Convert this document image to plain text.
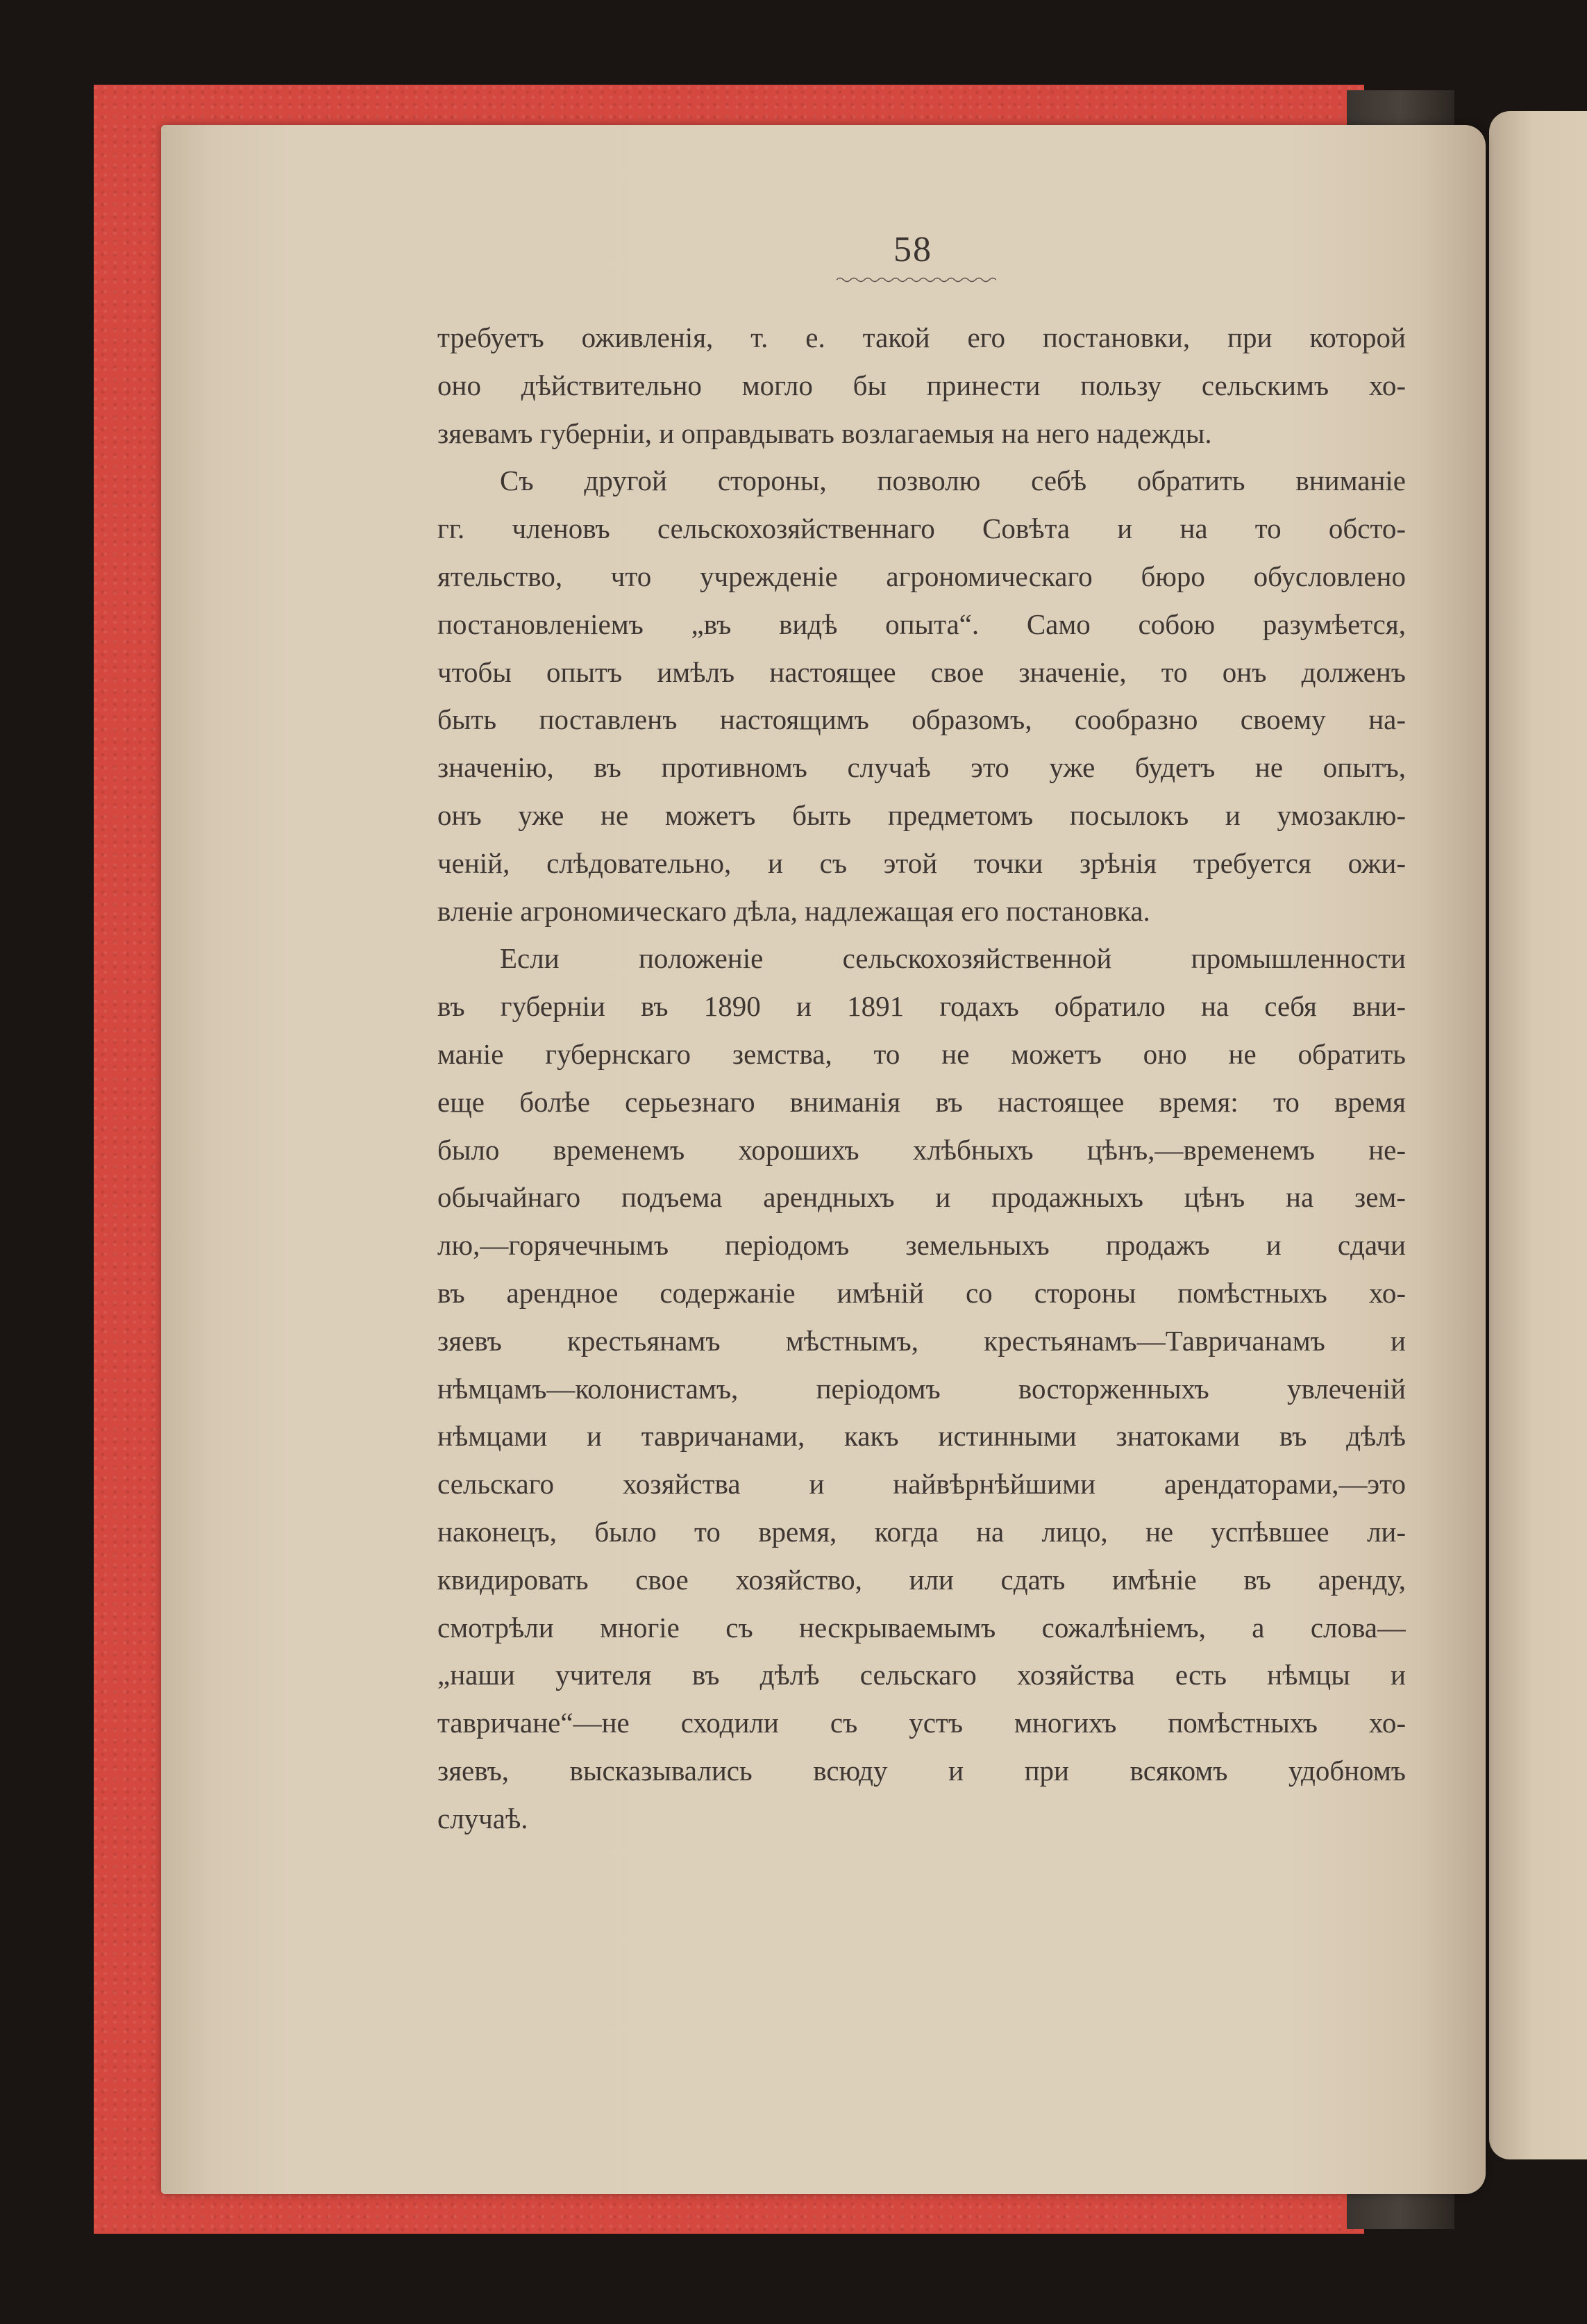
58
требуетъ оживленія, т. е. такой его постановки, при которой
оно дѣйствительно могло бы принести пользу сельскимъ хо-
зяевамъ губерніи, и оправдывать возлагаемыя на него надежды.
Съ другой стороны, позволю себѣ обратить вниманіе
гг. членовъ сельскохозяйственнаго Совѣта и на то обсто-
ятельство, что учрежденіе агрономическаго бюро обусловлено
постановленіемъ „въ видѣ опыта“. Само собою разумѣется,
чтобы опытъ имѣлъ настоящее свое значеніе, то онъ долженъ
быть поставленъ настоящимъ образомъ, сообразно своему на-
значенію, въ противномъ случаѣ это уже будетъ не опытъ,
онъ уже не можетъ быть предметомъ посылокъ и умозаклю-
ченій, слѣдовательно, и съ этой точки зрѣнія требуется ожи-
вленіе агрономическаго дѣла, надлежащая его постановка.
Если положеніе сельскохозяйственной промышленности
въ губерніи въ 1890 и 1891 годахъ обратило на себя вни-
маніе губернскаго земства, то не можетъ оно не обратить
еще болѣе серьезнаго вниманія въ настоящее время: то время
было временемъ хорошихъ хлѣбныхъ цѣнъ,—временемъ не-
обычайнаго подъема арендныхъ и продажныхъ цѣнъ на зем-
лю,—горячечнымъ періодомъ земельныхъ продажъ и сдачи
въ арендное содержаніе имѣній со стороны помѣстныхъ хо-
зяевъ крестьянамъ мѣстнымъ, крестьянамъ—Тавричанамъ и
нѣмцамъ—колонистамъ, періодомъ восторженныхъ увлеченій
нѣмцами и тавричанами, какъ истинными знатоками въ дѣлѣ
сельскаго хозяйства и найвѣрнѣйшими арендаторами,—это
наконецъ, было то время, когда на лицо, не успѣвшее ли-
квидировать свое хозяйство, или сдать имѣніе въ аренду,
смотрѣли многіе съ нескрываемымъ сожалѣніемъ, а слова—
„наши учителя въ дѣлѣ сельскаго хозяйства есть нѣмцы и
тавричане“—не сходили съ устъ многихъ помѣстныхъ хо-
зяевъ, высказывались всюду и при всякомъ удобномъ
случаѣ.
